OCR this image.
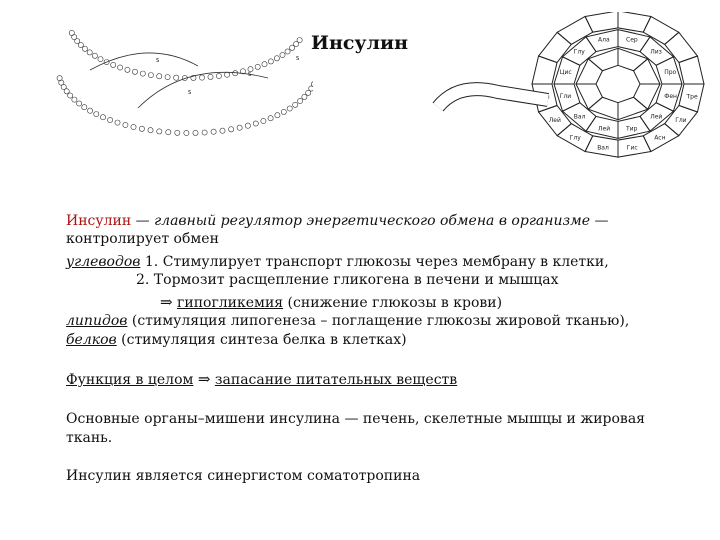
Инсулин
S
S
S
S
Фен
Лей
Тир
Лей
Вал
Гли
Цис
Глу
Ала	Сер
Лиз
Про
Тре
Гли
Асн
Гис
Вал
Глу
Лей
Лей
Инсулин — главный регулятор энергетического обмена в организме —
контролирует обмен
углеводов 1. Стимулирует транспорт глюкозы через мембрану в клетки,
2. Тормозит расщепление гликогена в печени и мышцах
⇒ гипогликемия (снижение глюкозы в крови)
липидов (стимуляция липогенеза – поглащение глюкозы жировой тканью),
белков (стимуляция синтеза белка в клетках)
Функция в целом ⇒ запасание питательных веществ
Основные органы–мишени инсулина — печень, скелетные мышцы и жировая
ткань.
Инсулин является синергистом соматотропина
